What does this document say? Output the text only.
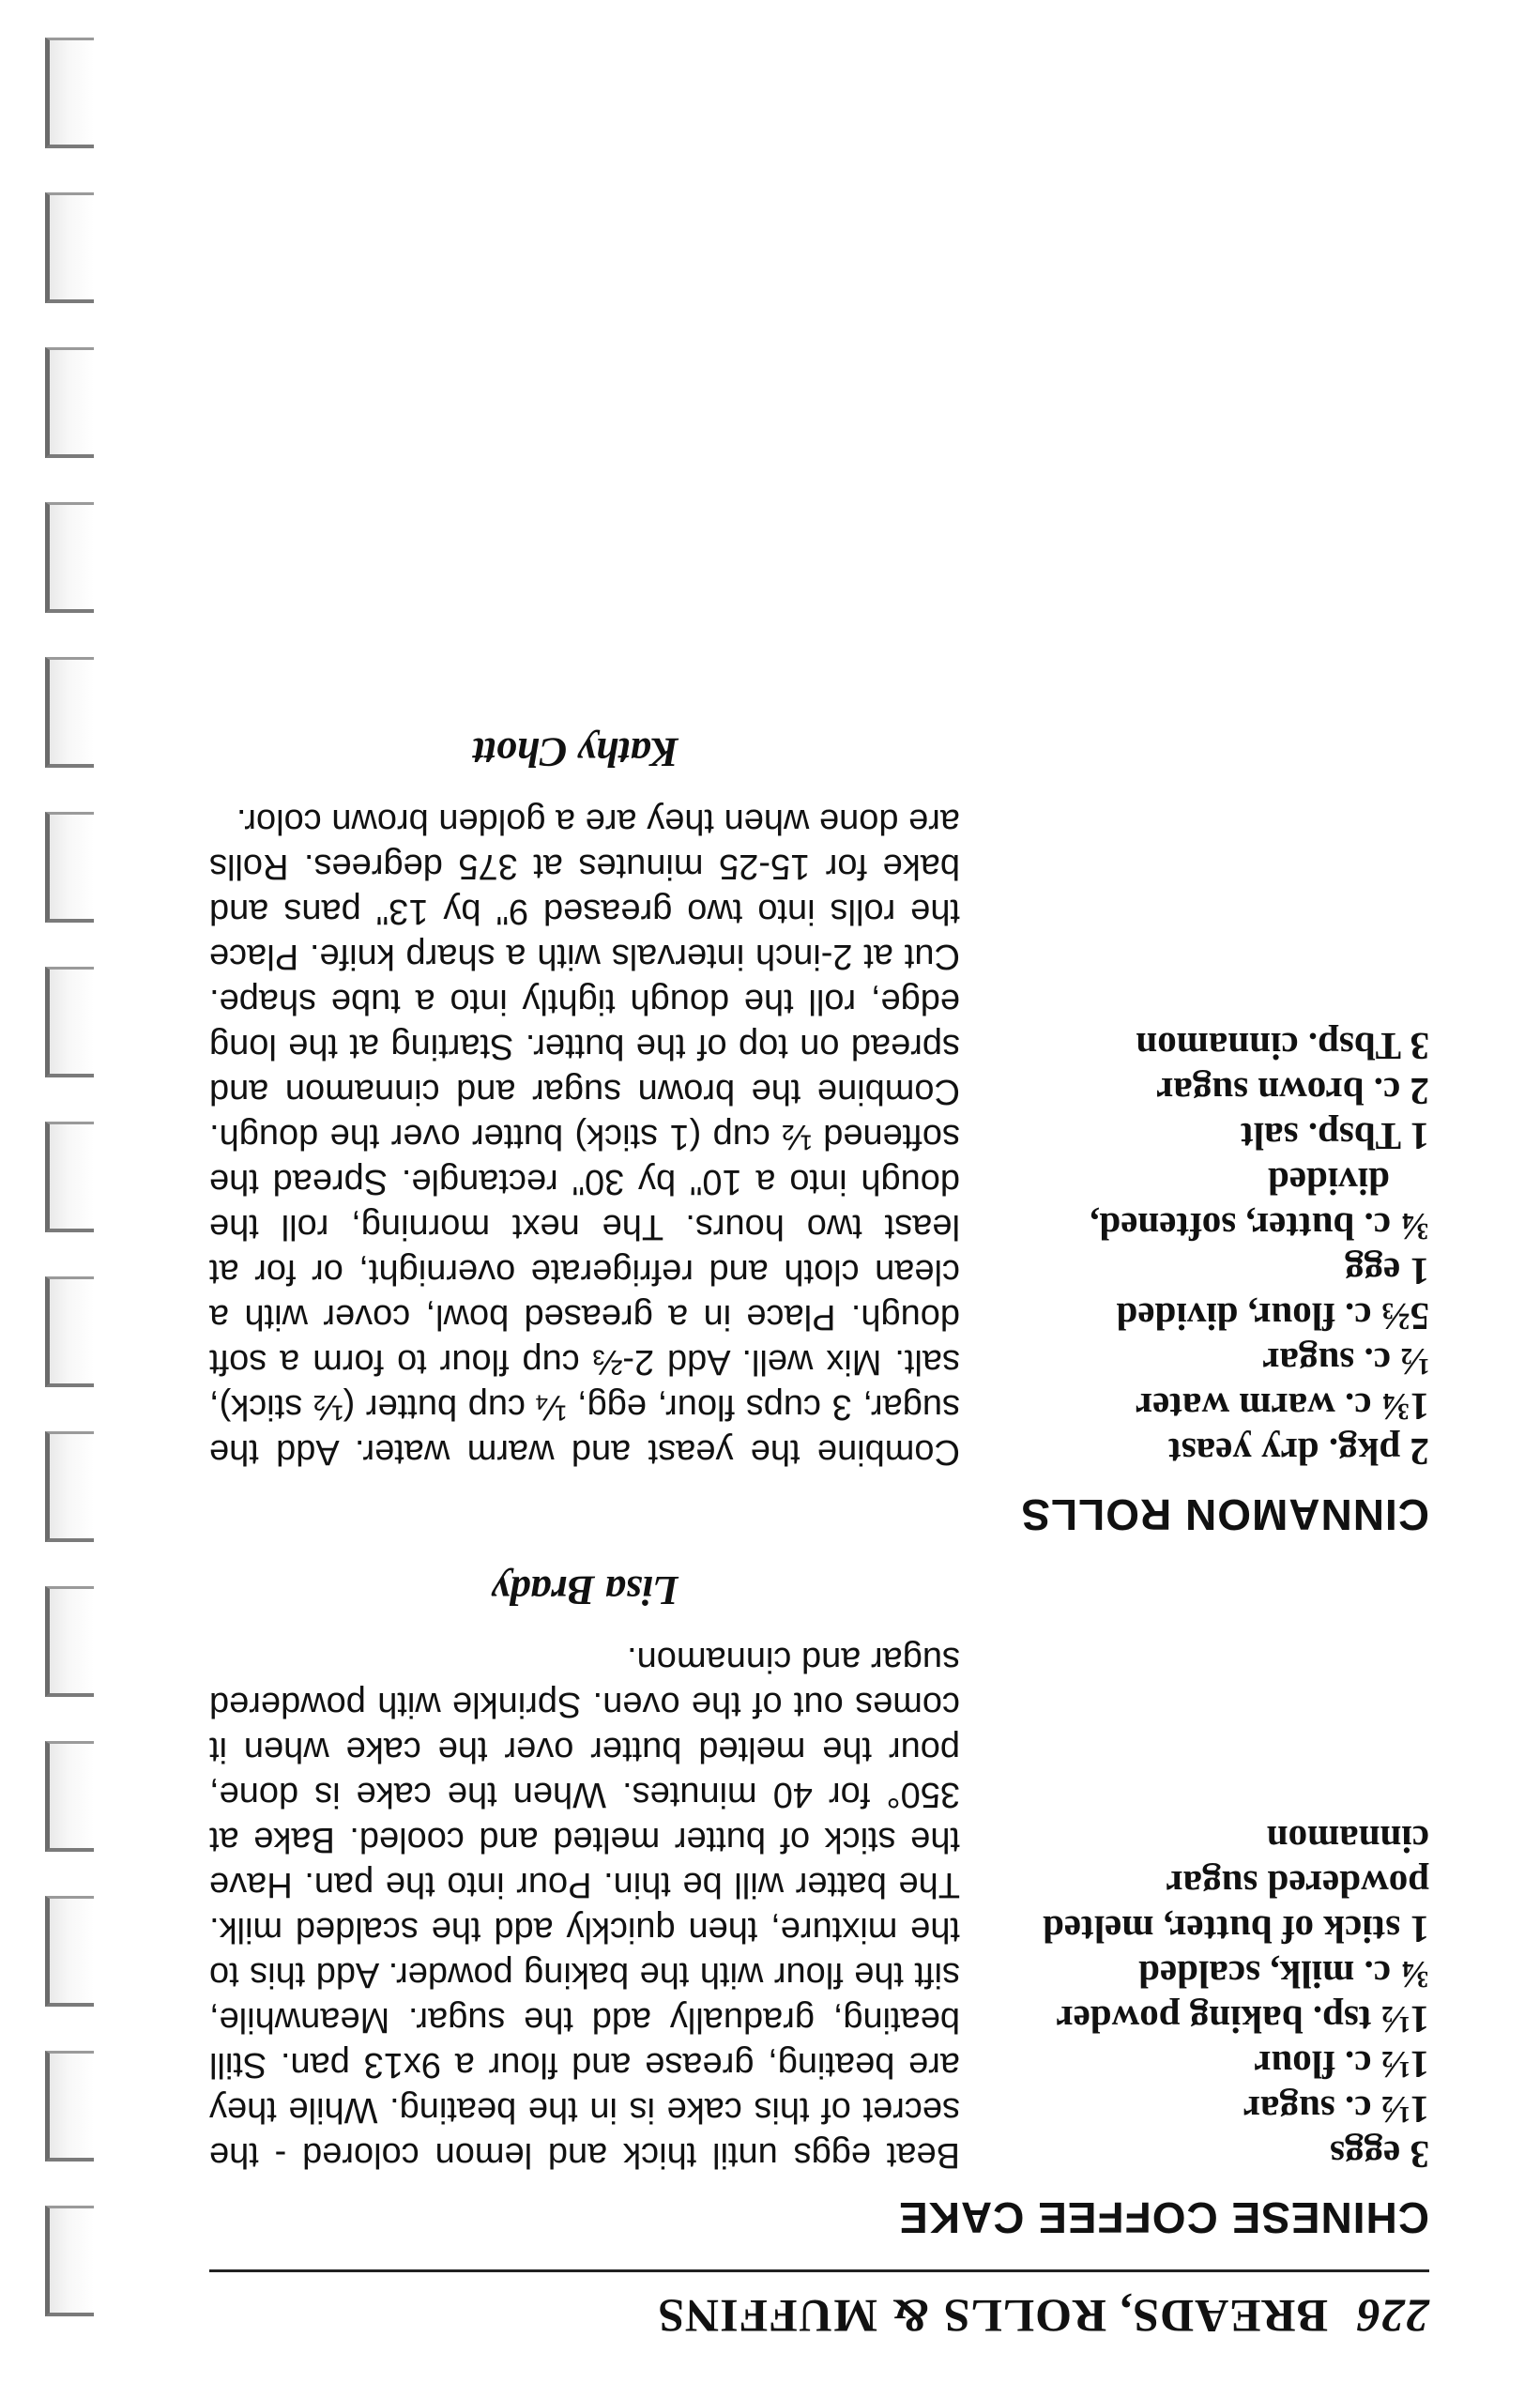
226
BREADS, ROLLS & MUFFINS
CHINESE COFFEE CAKE
3 eggs
1½ c. sugar
1½ c. flour
1½ tsp. baking powder
¾ c. milk, scalded
1 stick of butter, melted
powdered sugar
cinnamon

Beat eggs until thick and lemon colored - the secret of this cake is in the beating. While they are beating, grease and flour a 9x13 pan. Still beating, gradually add the sugar. Meanwhile, sift the flour with the baking powder. Add this to the mixture, then quickly add the scalded milk. The batter will be thin. Pour into the pan. Have the stick of butter melted and cooled. Bake at 350° for 40 minutes. When the cake is done, pour the melted butter over the cake when it comes out of the oven. Sprinkle with powdered sugar and cinnamon.

Lisa Brady
CINNAMON ROLLS
2 pkg. dry yeast
1¾ c. warm water
½ c. sugar
5⅔ c. flour, divided
1 egg
¾ c. butter, softened, divided
1 Tbsp. salt
2 c. brown sugar
3 Tbsp. cinnamon

Combine the yeast and warm water. Add the sugar, 3 cups flour, egg, ¼ cup butter (½ stick), salt. Mix well. Add 2-⅔ cup flour to form a soft dough. Place in a greased bowl, cover with a clean cloth and refrigerate overnight, or for at least two hours. The next morning, roll the dough into a 10" by 30" rectangle. Spread the softened ½ cup (1 stick) butter over the dough. Combine the brown sugar and cinnamon and spread on top of the butter. Starting at the long edge, roll the dough tightly into a tube shape. Cut at 2-inch intervals with a sharp knife. Place the rolls into two greased 9" by 13" pans and bake for 15-25 minutes at 375 degrees. Rolls are done when they are a golden brown color.

Kathy Chott
